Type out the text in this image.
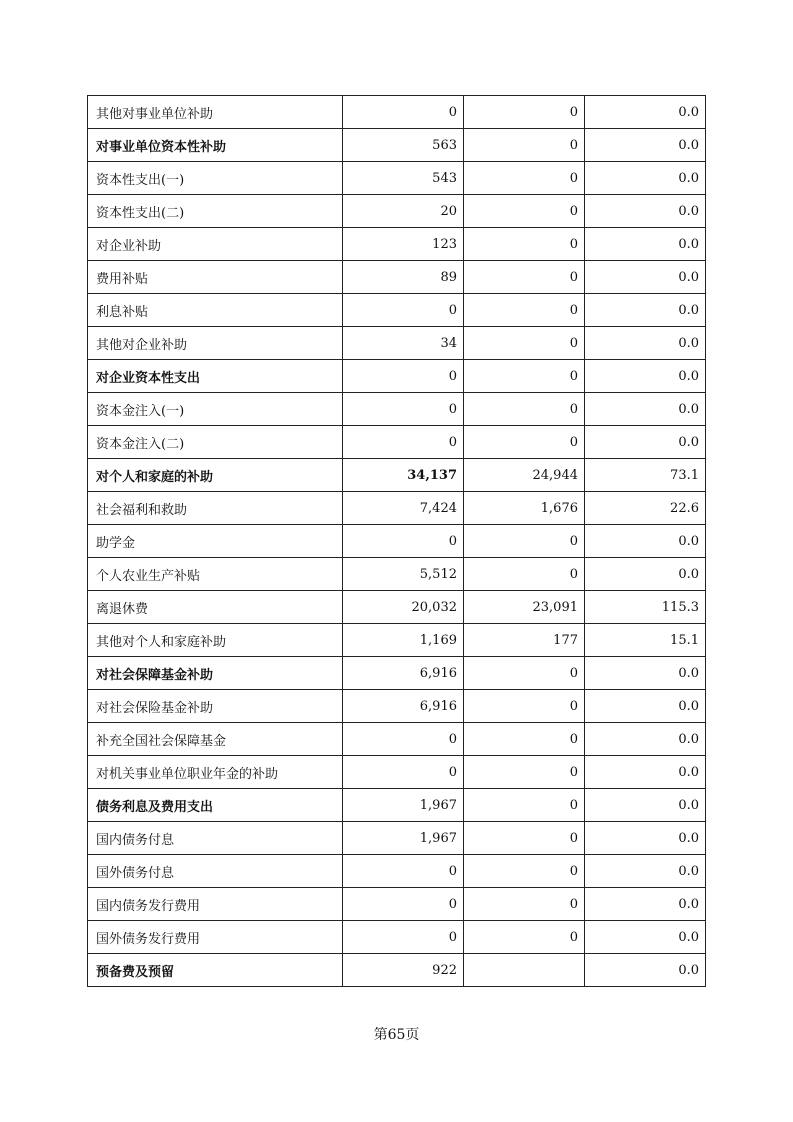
其他对事业单位补助	0	0	0.0
对事业单位资本性补助	563	0	0.0
资本性支出(一)	543	0	0.0
资本性支出(二)	20	0	0.0
对企业补助	123	0	0.0
费用补贴	89	0	0.0
利息补贴	0	0	0.0
其他对企业补助	34	0	0.0
对企业资本性支出	0	0	0.0
资本金注入(一)	0	0	0.0
资本金注入(二)	0	0	0.0
对个人和家庭的补助	34,137	24,944	73.1
社会福利和救助	7,424	1,676	22.6
助学金	0	0	0.0
个人农业生产补贴	5,512	0	0.0
离退休费	20,032	23,091	115.3
其他对个人和家庭补助	1,169	177	15.1
对社会保障基金补助	6,916	0	0.0
对社会保险基金补助	6,916	0	0.0
补充全国社会保障基金	0	0	0.0
对机关事业单位职业年金的补助	0	0	0.0
债务利息及费用支出	1,967	0	0.0
国内债务付息	1,967	0	0.0
国外债务付息	0	0	0.0
国内债务发行费用	0	0	0.0
国外债务发行费用	0	0	0.0
预备费及预留	922		0.0
第65页
